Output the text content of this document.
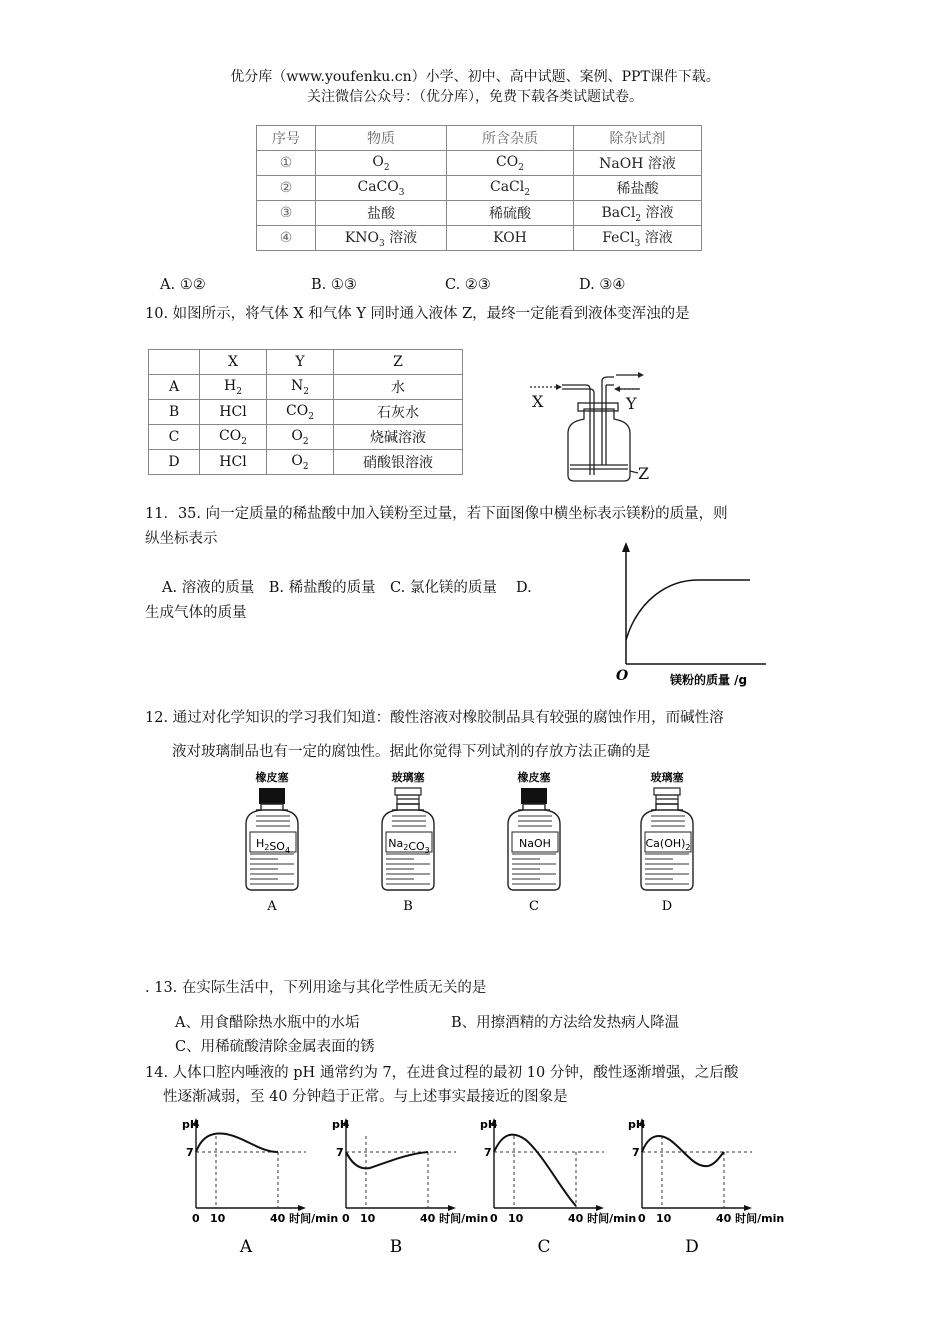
优分库（www.youfenku.cn）小学、初中、高中试题、案例、PPT课件下载。
关注微信公众号：（优分库），免费下载各类试题试卷。
序号	物质	所含杂质	除杂试剂
①	$O_2$	$CO_2$	NaOH 溶液
②	CaCO$_3$	CaCl$_2$	稀盐酸
③	盐酸	稀硫酸	BaCl$_2$ 溶液
④	$KNO_3$ 溶液	KOH	FeCl$_3$ 溶液
A. ①②	B. ①③	C. ②③	D. ③④
10. 如图所示，将气体 X 和气体 Y 同时通入液体 Z，最终一定能看到液体变浑浊的是
	X	Y	Z
A	$H_2$	$N_2$	水
B	HCl	$CO_2$	石灰水
C	$CO_2$	$O_2$	烧碱溶液
D	HCl	$O_2$	硝酸银溶液
X	Y
Z
11．35. 向一定质量的稀盐酸中加入镁粉至过量，若下面图像中横坐标表示镁粉的质量，则
纵坐标表示
A. 溶液的质量　B. 稀盐酸的质量　C. 氯化镁的质量　 D.
生成气体的质量
O	镁粉的质量 /g
12. 通过对化学知识的学习我们知道：酸性溶液对橡胶制品具有较强的腐蚀作用，而碱性溶
液对玻璃制品也有一定的腐蚀性。据此你觉得下列试剂的存放方法正确的是
橡皮塞
$H_2SO_4$
A
玻璃塞
$Na_2CO_3$
B
橡皮塞
NaOH
C
玻璃塞
$Ca(OH)_2$
D
. 13. 在实际生活中，下列用途与其化学性质无关的是
A、用食醋除热水瓶中的水垢	B、用擦酒精的方法给发热病人降温
C、用稀硫酸清除金属表面的锈
14. 人体口腔内唾液的 pH 通常约为 7，在进食过程的最初 10 分钟，酸性逐渐增强，之后酸
性逐渐减弱，至 40 分钟趋于正常。与上述事实最接近的图象是
pH
7
0 10	40 时间/min
A
pH
7
0 10	40 时间/min
B
pH
7
0 10	40 时间/min
C
pH
7
0 10	40 时间/min
D
